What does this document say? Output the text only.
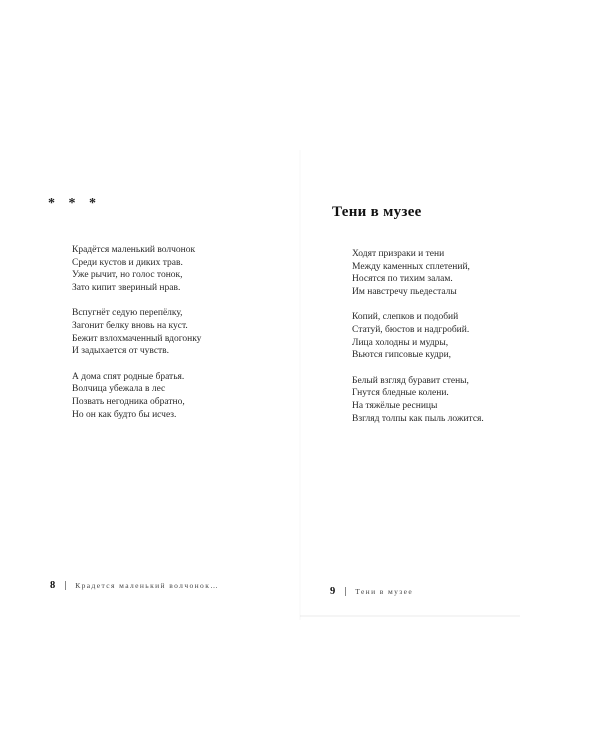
* * *
Крадётся маленький волчонок
Среди кустов и диких трав.
Уже рычит, но голос тонок,
Зато кипит звериный нрав.
Вспугнёт седую перепёлку,
Загонит белку вновь на куст.
Бежит взлохмаченный вдогонку
И задыхается от чувств.
А дома спят родные братья.
Волчица убежала в лес
Позвать негодника обратно,
Но он как будто бы исчез.
8	Крадется маленький волчонок…
Тени в музее
Ходят призраки и тени
Между каменных сплетений,
Носятся по тихим залам.
Им навстречу пьедесталы
Копий, слепков и подобий
Статуй, бюстов и надгробий.
Лица холодны и мудры,
Вьются гипсовые кудри,
Белый взгляд буравит стены,
Гнутся бледные колени.
На тяжёлые ресницы
Взгляд толпы как пыль ложится.
9	Тени в музее
